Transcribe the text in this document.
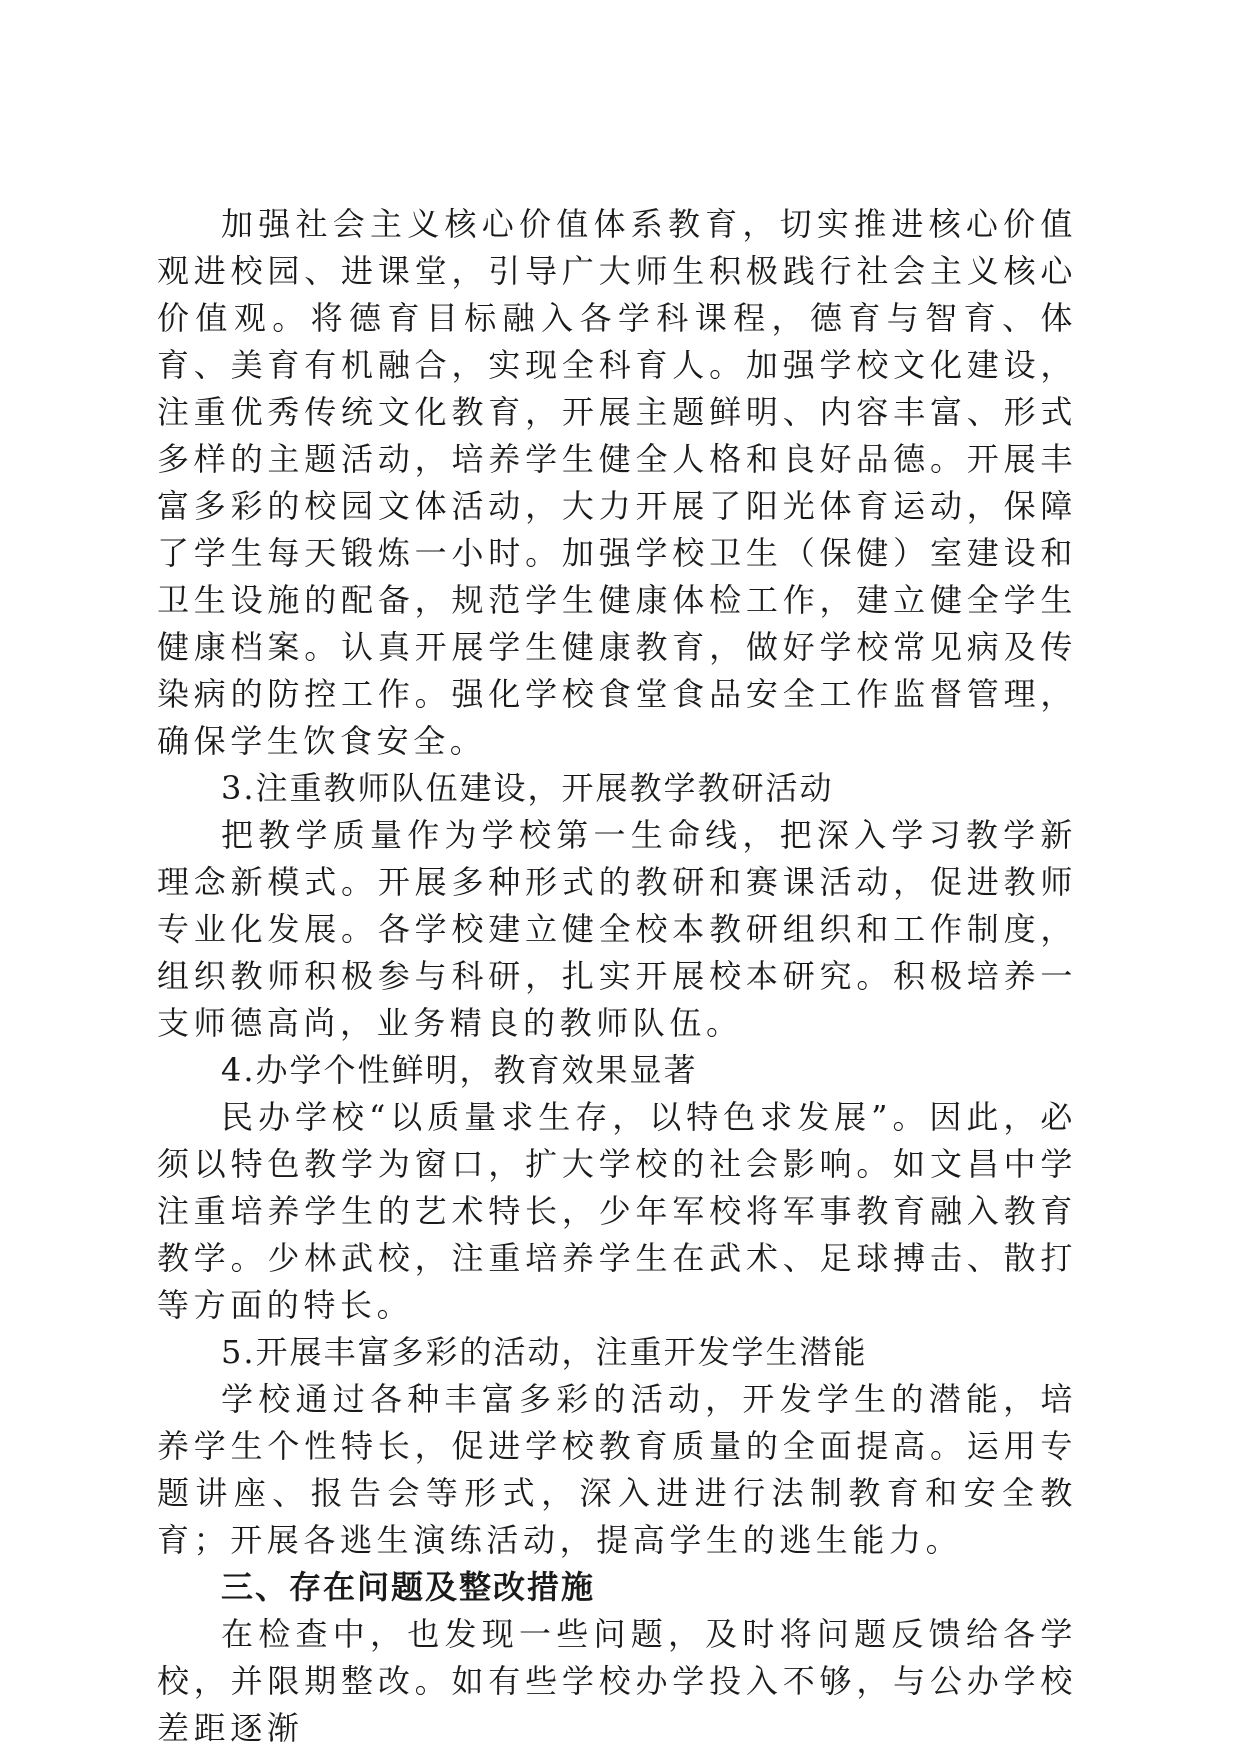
加强社会主义核心价值体系教育，切实推进核心价值观进校园、进课堂，引导广大师生积极践行社会主义核心价值观。将德育目标融入各学科课程，德育与智育、体育、美育有机融合，实现全科育人。加强学校文化建设，注重优秀传统文化教育，开展主题鲜明、内容丰富、形式多样的主题活动，培养学生健全人格和良好品德。开展丰富多彩的校园文体活动，大力开展了阳光体育运动，保障了学生每天锻炼一小时。加强学校卫生（保健）室建设和卫生设施的配备，规范学生健康体检工作，建立健全学生健康档案。认真开展学生健康教育，做好学校常见病及传染病的防控工作。强化学校食堂食品安全工作监督管理，确保学生饮食安全。

3.注重教师队伍建设，开展教学教研活动

把教学质量作为学校第一生命线，把深入学习教学新理念新模式。开展多种形式的教研和赛课活动，促进教师专业化发展。各学校建立健全校本教研组织和工作制度，组织教师积极参与科研，扎实开展校本研究。积极培养一支师德高尚，业务精良的教师队伍。

4.办学个性鲜明，教育效果显著

民办学校“以质量求生存，以特色求发展”。因此，必须以特色教学为窗口，扩大学校的社会影响。如文昌中学注重培养学生的艺术特长，少年军校将军事教育融入教育教学。少林武校，注重培养学生在武术、足球搏击、散打等方面的特长。

5.开展丰富多彩的活动，注重开发学生潜能

学校通过各种丰富多彩的活动，开发学生的潜能，培养学生个性特长，促进学校教育质量的全面提高。运用专题讲座、报告会等形式，深入进进行法制教育和安全教育；开展各逃生演练活动，提高学生的逃生能力。

三、存在问题及整改措施

在检查中，也发现一些问题，及时将问题反馈给各学校，并限期整改。如有些学校办学投入不够，与公办学校差距逐渐
